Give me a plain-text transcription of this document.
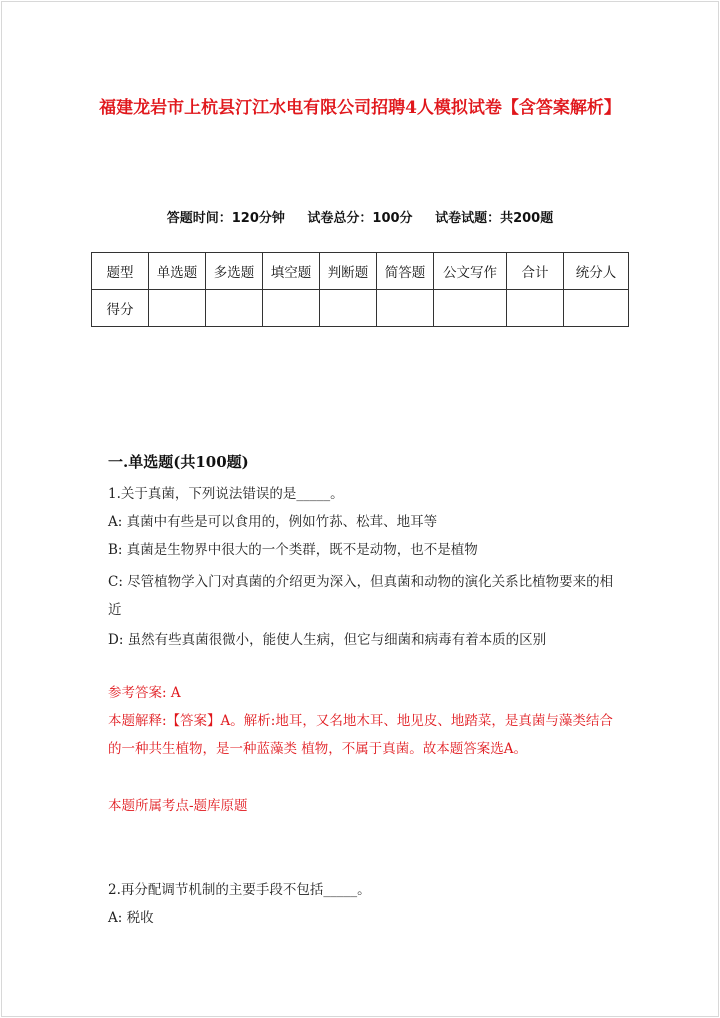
福建龙岩市上杭县汀江水电有限公司招聘4人模拟试卷【含答案解析】
答题时间：120分钟 试卷总分：100分 试卷试题：共200题
题型	单选题	多选题	填空题	判断题	简答题	公文写作	合计	统分人
得分								
一.单选题(共100题)
1.关于真菌，下列说法错误的是_____。
A: 真菌中有些是可以食用的，例如竹荪、松茸、地耳等
B: 真菌是生物界中很大的一个类群，既不是动物，也不是植物
C: 尽管植物学入门对真菌的介绍更为深入，但真菌和动物的演化关系比植物要来的相近
D: 虽然有些真菌很微小，能使人生病，但它与细菌和病毒有着本质的区别
参考答案: A
本题解释:【答案】A。解析:地耳，又名地木耳、地见皮、地踏菜，是真菌与藻类结合的一种共生植物，是一种蓝藻类 植物，不属于真菌。故本题答案选A。
本题所属考点-题库原题
2.再分配调节机制的主要手段不包括_____。
A: 税收
